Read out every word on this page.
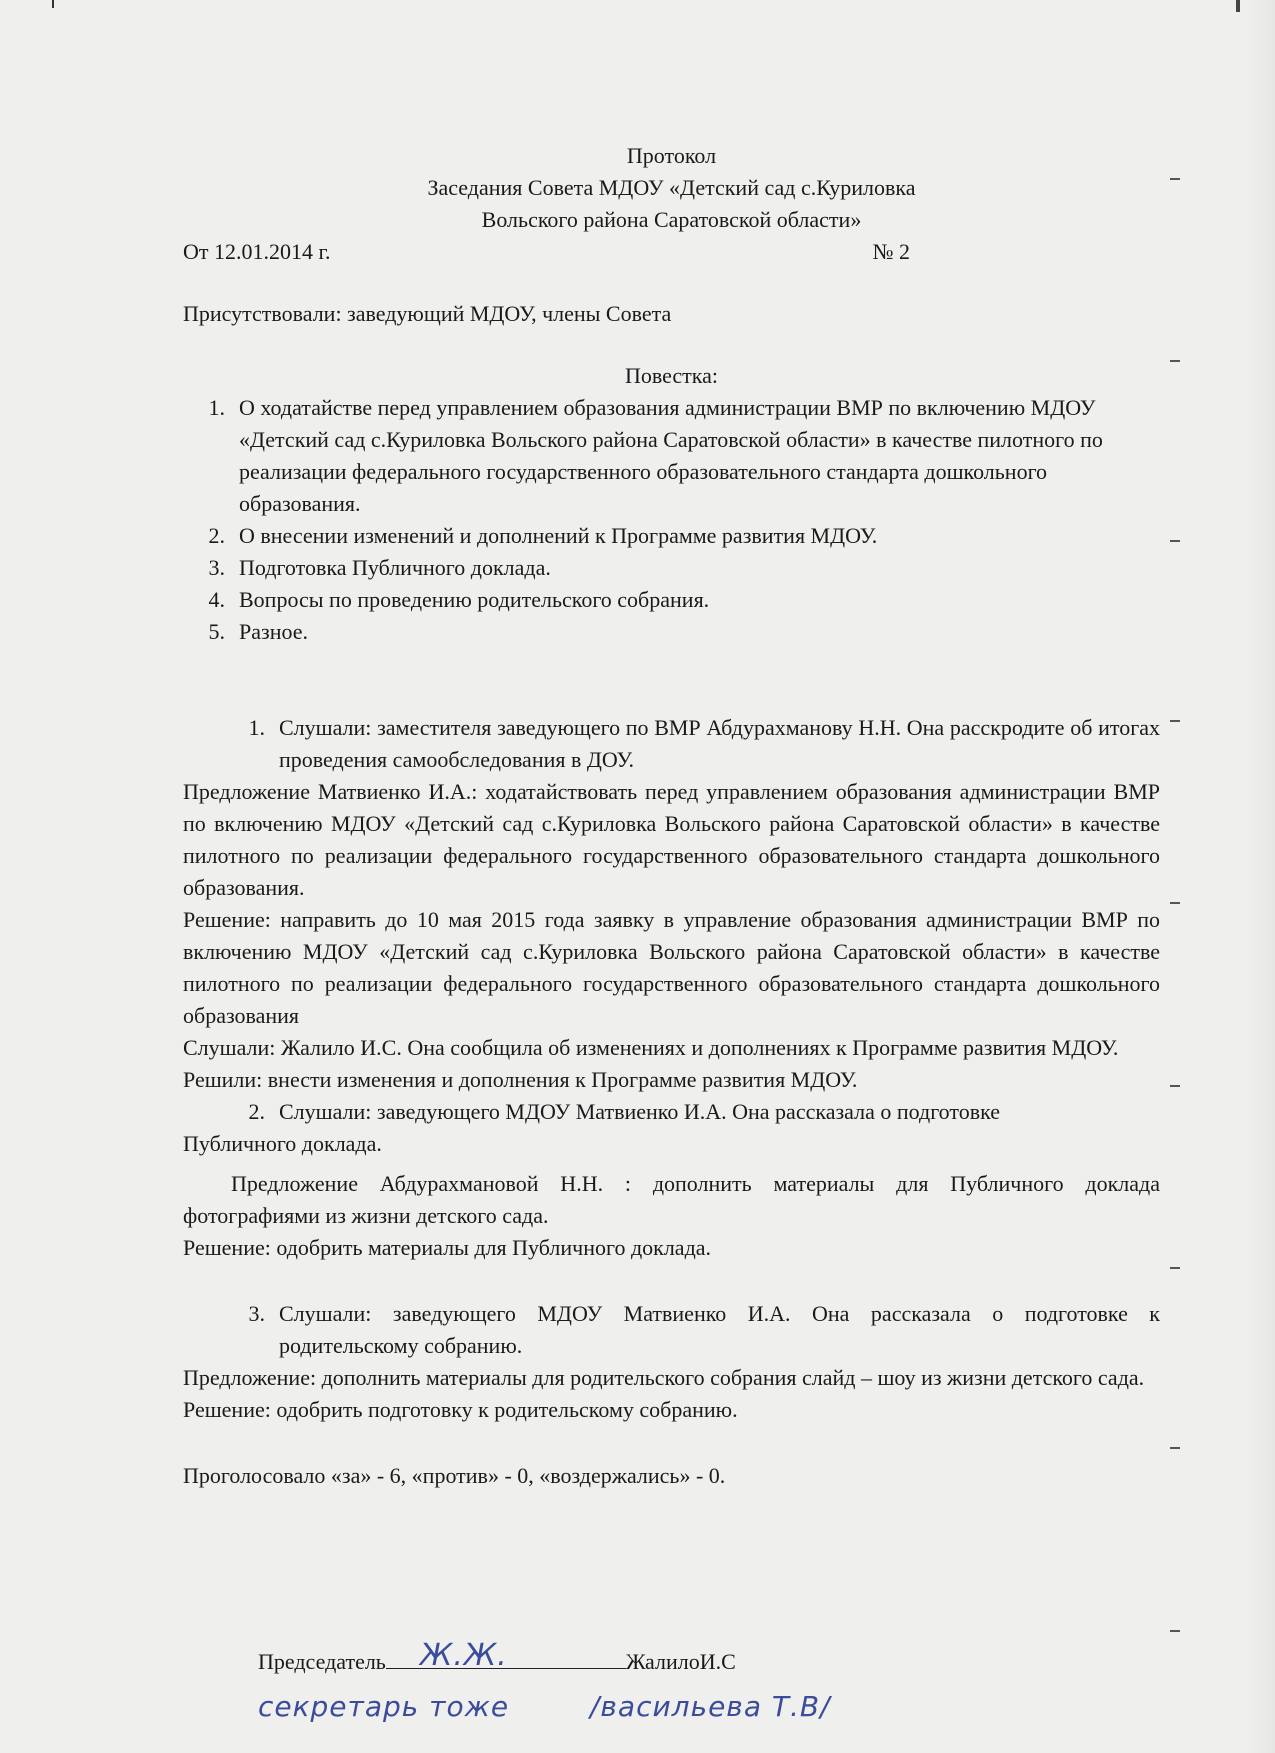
Протокол
Заседания Совета МДОУ «Детский сад с.Куриловка
Вольского района Саратовской области»
От 12.01.2014 г.	№ 2
Присутствовали: заведующий МДОУ, члены Совета
Повестка:
1. О ходатайстве перед управлением образования администрации ВМР по включению МДОУ «Детский сад с.Куриловка Вольского района Саратовской области» в качестве пилотного по реализации федерального государственного образовательного стандарта дошкольного образования.
2. О внесении изменений и дополнений к Программе развития МДОУ.
3. Подготовка Публичного доклада.
4. Вопросы по проведению родительского собрания.
5. Разное.
1. Слушали: заместителя заведующего по ВМР Абдурахманову Н.Н. Она расскродите об итогах проведения самообследования в ДОУ.
Предложение Матвиенко И.А.: ходатайствовать перед управлением образования администрации ВМР по включению МДОУ «Детский сад с.Куриловка Вольского района Саратовской области» в качестве пилотного по реализации федерального государственного образовательного стандарта дошкольного образования.
Решение: направить до 10 мая 2015 года заявку в управление образования администрации ВМР по включению МДОУ «Детский сад с.Куриловка Вольского района Саратовской области» в качестве пилотного по реализации федерального государственного образовательного стандарта дошкольного образования
Слушали: Жалило И.С. Она сообщила об изменениях и дополнениях к Программе развития МДОУ.
Решили: внести изменения и дополнения к Программе развития МДОУ.
2. Слушали: заведующего МДОУ Матвиенко И.А. Она рассказала о подготовке
Публичного доклада.
Предложение Абдурахмановой Н.Н. : дополнить материалы для Публичного доклада фотографиями из жизни детского сада.
Решение: одобрить материалы для Публичного доклада.
3. Слушали: заведующего МДОУ Матвиенко И.А. Она рассказала о подготовке к родительскому собранию.
Предложение: дополнить материалы для родительского собрания слайд – шоу из жизни детского сада.
Решение: одобрить подготовку к родительскому собранию.
Проголосовало «за» - 6, «против» - 0, «воздержались» - 0.
Председатель	ЖалилоИ.С
Ж.Ж.
секретарь тоже	/васильева Т.В/
